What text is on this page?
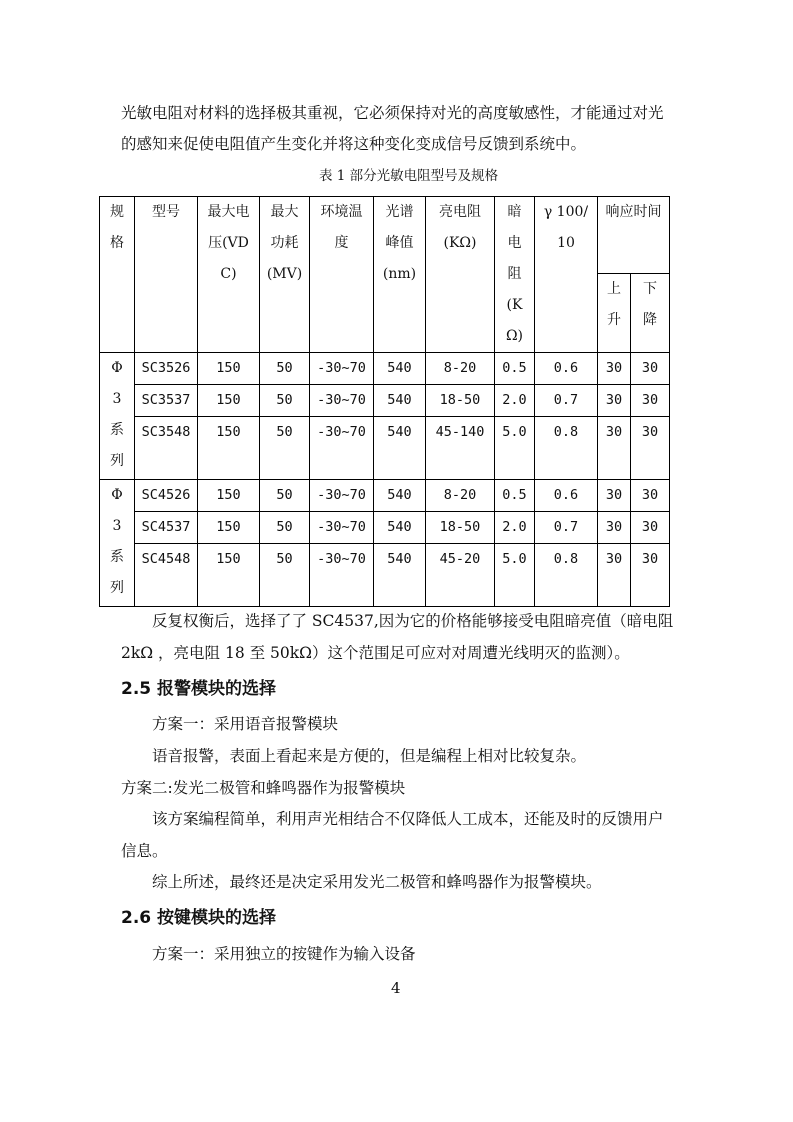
光敏电阻对材料的选择极其重视，它必须保持对光的高度敏感性，才能通过对光
的感知来促使电阻值产生变化并将这种变化变成信号反馈到系统中。
表 1 部分光敏电阻型号及规格
规格	型号	最大电压(VDC)	最大功耗(MV)	环境温度	光谱峰值(nm)	亮电阻(KΩ)	暗电阻(KΩ)	γ 100/10	响应时间	
									上升	下降
Φ3系列	SC3526	150	50	-30~70	540	8-20	0.5	0.6	30	30
	SC3537	150	50	-30~70	540	18-50	2.0	0.7	30	30
	SC3548	150	50	-30~70	540	45-140	5.0	0.8	30	30
Φ3系列	SC4526	150	50	-30~70	540	8-20	0.5	0.6	30	30
	SC4537	150	50	-30~70	540	18-50	2.0	0.7	30	30
	SC4548	150	50	-30~70	540	45-20	5.0	0.8	30	30
反复权衡后，选择了了 SC4537,因为它的价格能够接受电阻暗亮值（暗电阻
2kΩ ，亮电阻 18 至 50kΩ）这个范围足可应对对周遭光线明灭的监测）。
2.5 报警模块的选择
方案一：采用语音报警模块
语音报警，表面上看起来是方便的，但是编程上相对比较复杂。
方案二:发光二极管和蜂鸣器作为报警模块
该方案编程简单，利用声光相结合不仅降低人工成本，还能及时的反馈用户
信息。
综上所述，最终还是决定采用发光二极管和蜂鸣器作为报警模块。
2.6 按键模块的选择
方案一：采用独立的按键作为输入设备
4
